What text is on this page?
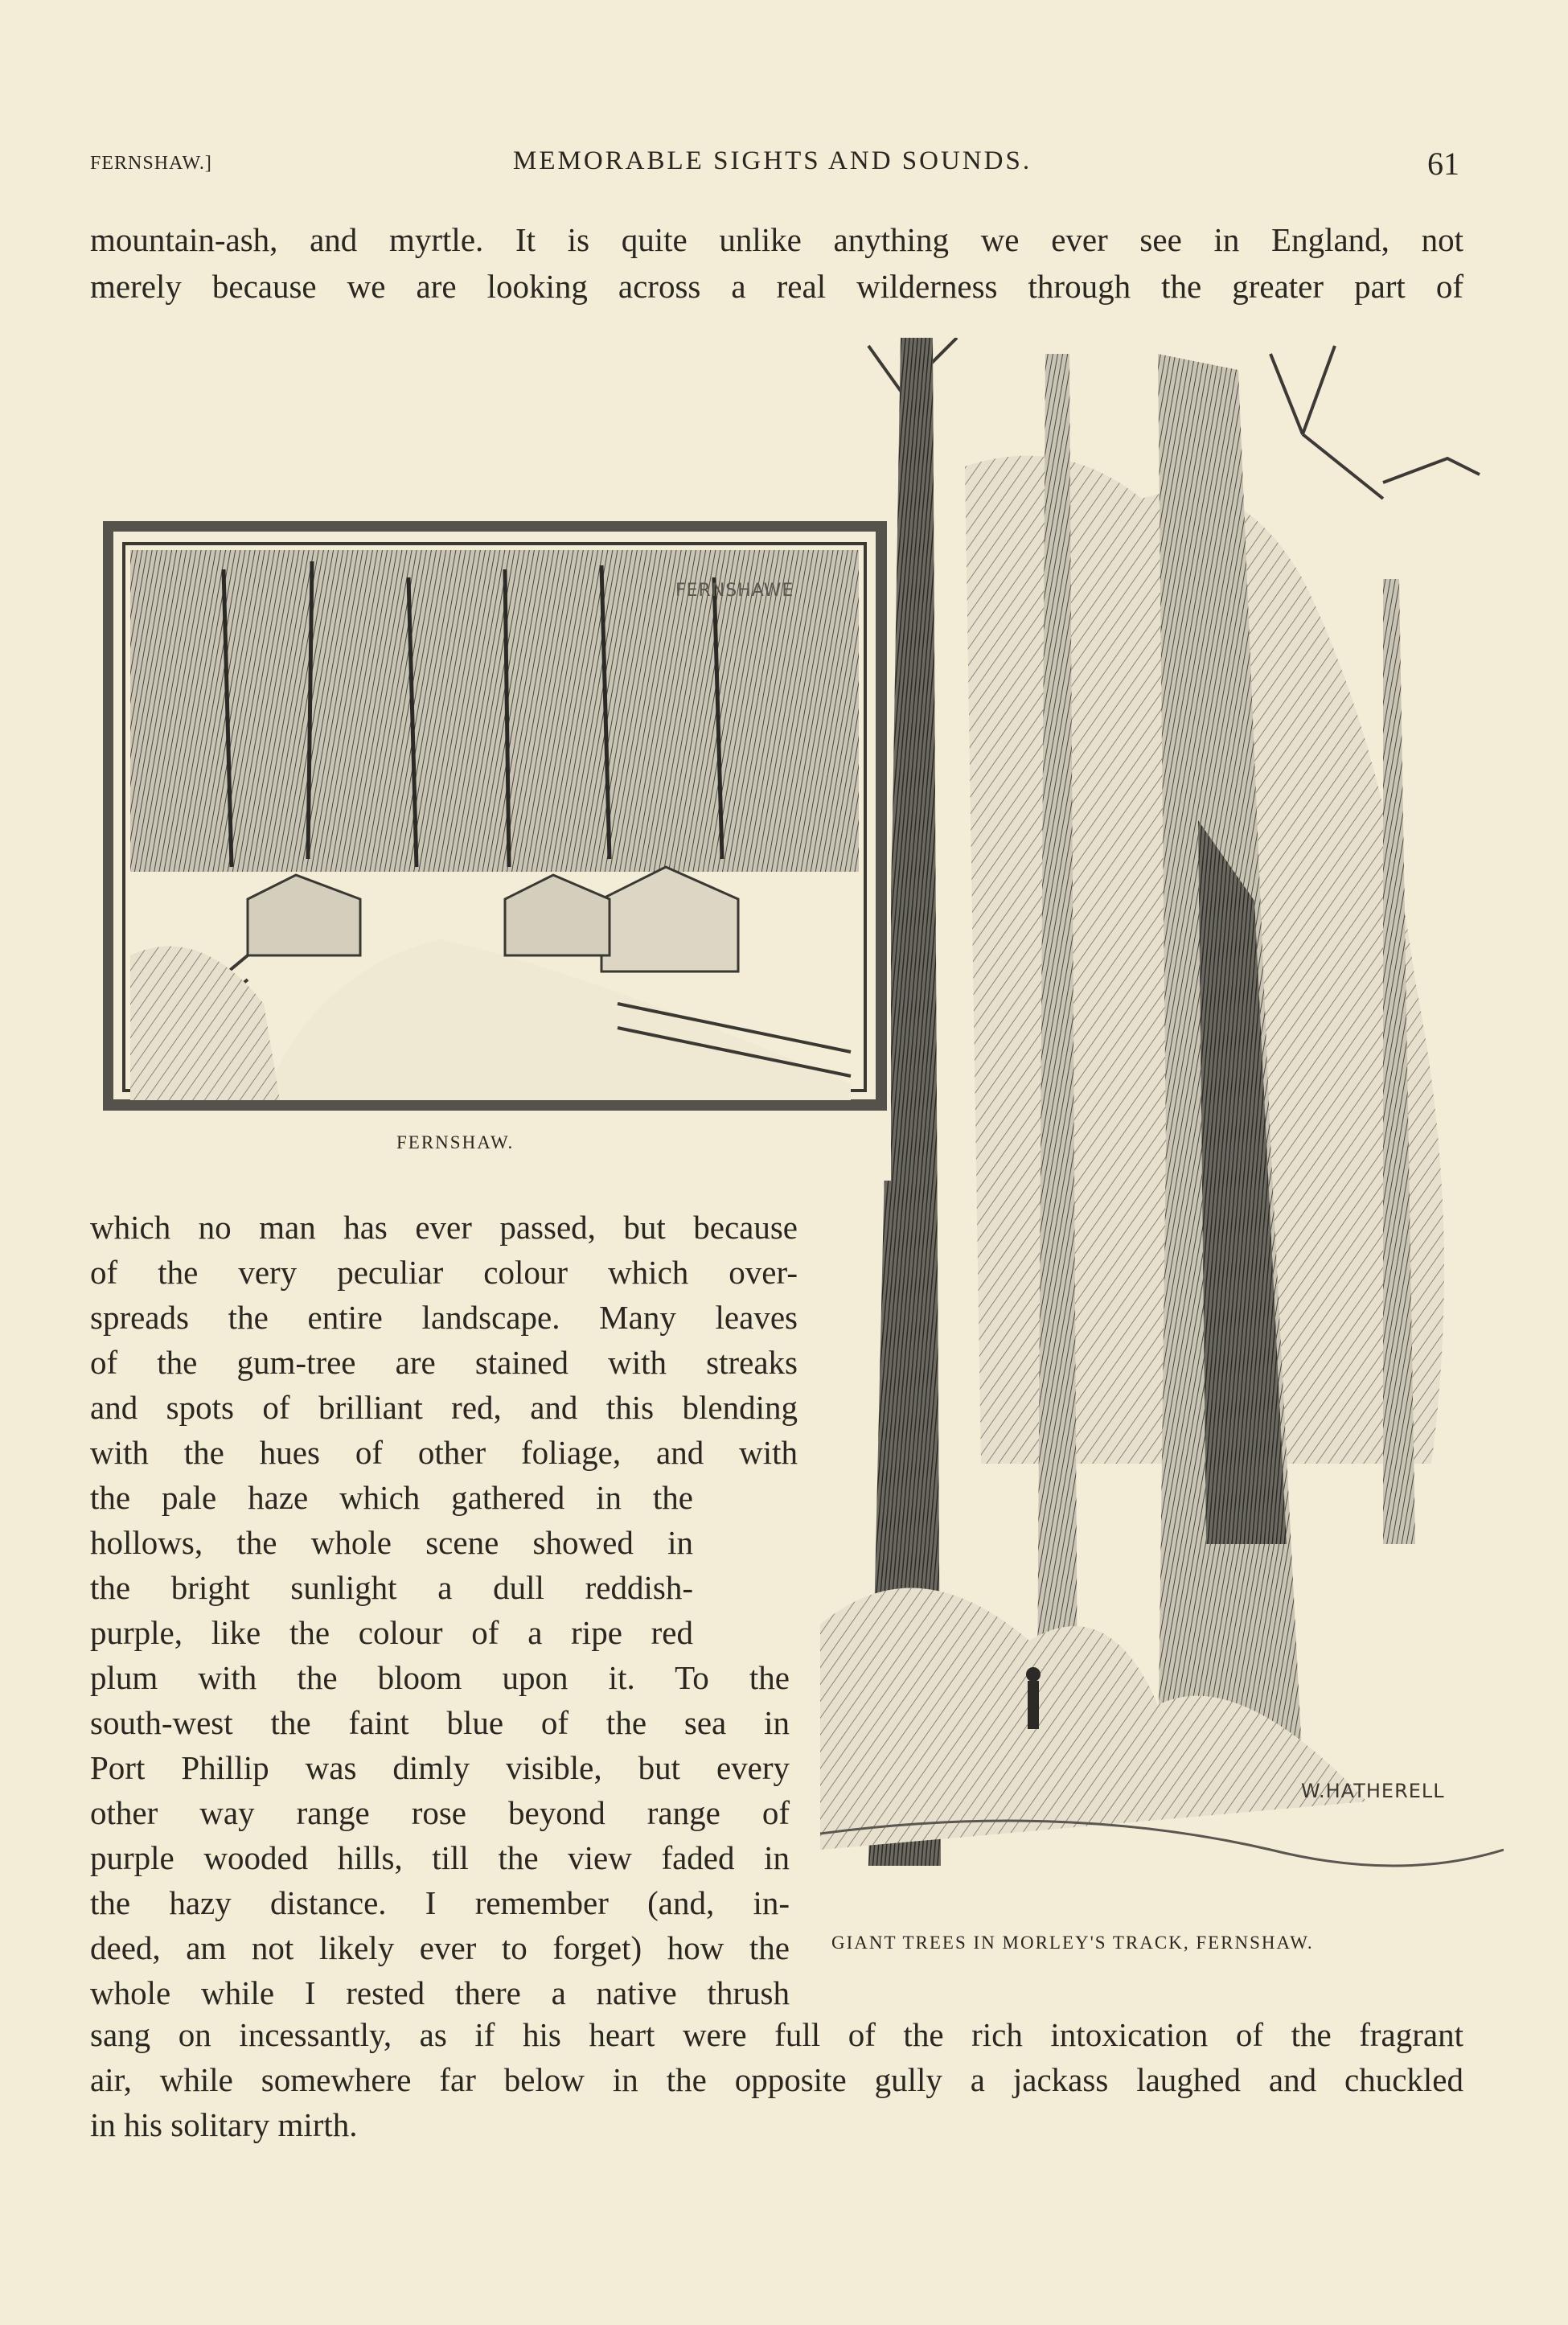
FERNSHAW.]	MEMORABLE SIGHTS AND SOUNDS.	61
mountain-ash, and myrtle. It is quite unlike anything we ever see in England, not
merely because we are looking across a real wilderness through the greater part of
W.HATHERELL
FERNSHAWE
FERNSHAW.
which no man has ever passed, but because
of the very peculiar colour which over-
spreads the entire landscape. Many leaves
of the gum-tree are stained with streaks
and spots of brilliant red, and this blending
with the hues of other foliage, and with
the pale haze which gathered in the
hollows, the whole scene showed in
the bright sunlight a dull reddish-
purple, like the colour of a ripe red
plum with the bloom upon it. To the
south-west the faint blue of the sea in
Port Phillip was dimly visible, but every
other way range rose beyond range of
purple wooded hills, till the view faded in
the hazy distance. I remember (and, in-
deed, am not likely ever to forget) how the
whole while I rested there a native thrush
GIANT TREES IN MORLEY'S TRACK, FERNSHAW.
sang on incessantly, as if his heart were full of the rich intoxication of the fragrant
air, while somewhere far below in the opposite gully a jackass laughed and chuckled
in his solitary mirth.
